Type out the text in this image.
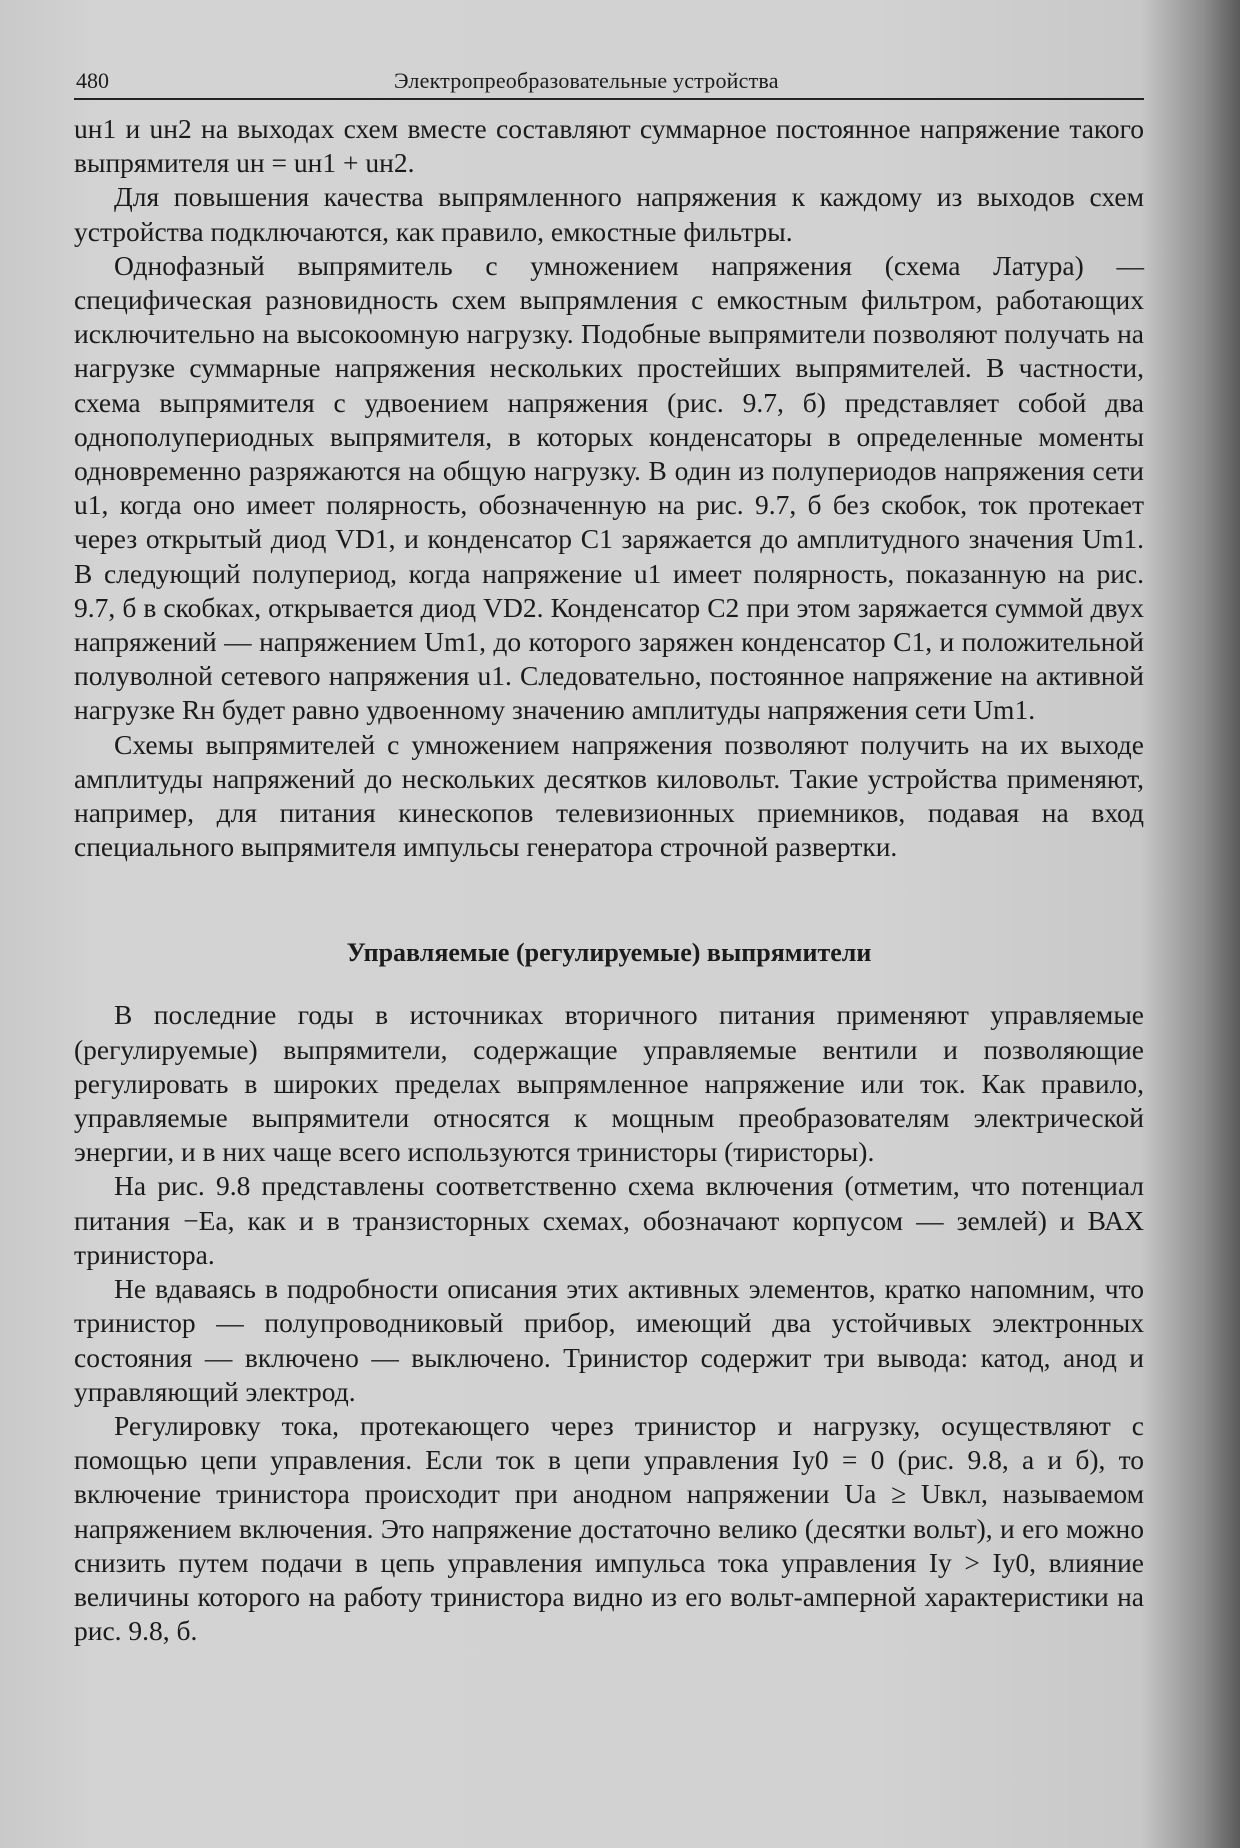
480	Электропреобразовательные устройства

uн1 и uн2 на выходах схем вместе составляют суммарное постоянное напряжение такого выпрямителя uн = uн1 + uн2.

Для повышения качества выпрямленного напряжения к каждому из выходов схем устройства подключаются, как правило, емкостные фильтры.

Однофазный выпрямитель с умножением напряжения (схема Латура) — специфическая разновидность схем выпрямления с емкостным фильтром, работающих исключительно на высокоомную нагрузку. Подобные выпрямители позволяют получать на нагрузке суммарные напряжения нескольких простейших выпрямителей. В частности, схема выпрямителя с удвоением напряжения (рис. 9.7, б) представляет собой два однополупериодных выпрямителя, в которых конденсаторы в определенные моменты одновременно разряжаются на общую нагрузку. В один из полупериодов напряжения сети u1, когда оно имеет полярность, обозначенную на рис. 9.7, б без скобок, ток протекает через открытый диод VD1, и конденсатор C1 заряжается до амплитудного значения Um1. В следующий полупериод, когда напряжение u1 имеет полярность, показанную на рис. 9.7, б в скобках, открывается диод VD2. Конденсатор C2 при этом заряжается суммой двух напряжений — напряжением Um1, до которого заряжен конденсатор C1, и положительной полуволной сетевого напряжения u1. Следовательно, постоянное напряжение на активной нагрузке Rн будет равно удвоенному значению амплитуды напряжения сети Um1.

Схемы выпрямителей с умножением напряжения позволяют получить на их выходе амплитуды напряжений до нескольких десятков киловольт. Такие устройства применяют, например, для питания кинескопов телевизионных приемников, подавая на вход специального выпрямителя импульсы генератора строчной развертки.

Управляемые (регулируемые) выпрямители

В последние годы в источниках вторичного питания применяют управляемые (регулируемые) выпрямители, содержащие управляемые вентили и позволяющие регулировать в широких пределах выпрямленное напряжение или ток. Как правило, управляемые выпрямители относятся к мощным преобразователям электрической энергии, и в них чаще всего используются тринисторы (тиристоры).

На рис. 9.8 представлены соответственно схема включения (отметим, что потенциал питания −Eа, как и в транзисторных схемах, обозначают корпусом — землей) и ВАХ тринистора.

Не вдаваясь в подробности описания этих активных элементов, кратко напомним, что тринистор — полупроводниковый прибор, имеющий два устойчивых электронных состояния — включено — выключено. Тринистор содержит три вывода: катод, анод и управляющий электрод.

Регулировку тока, протекающего через тринистор и нагрузку, осуществляют с помощью цепи управления. Если ток в цепи управления Iу0 = 0 (рис. 9.8, а и б), то включение тринистора происходит при анодном напряжении Uа ≥ Uвкл, называемом напряжением включения. Это напряжение достаточно велико (десятки вольт), и его можно снизить путем подачи в цепь управления импульса тока управления Iу > Iу0, влияние величины которого на работу тринистора видно из его вольт-амперной характеристики на рис. 9.8, б.
